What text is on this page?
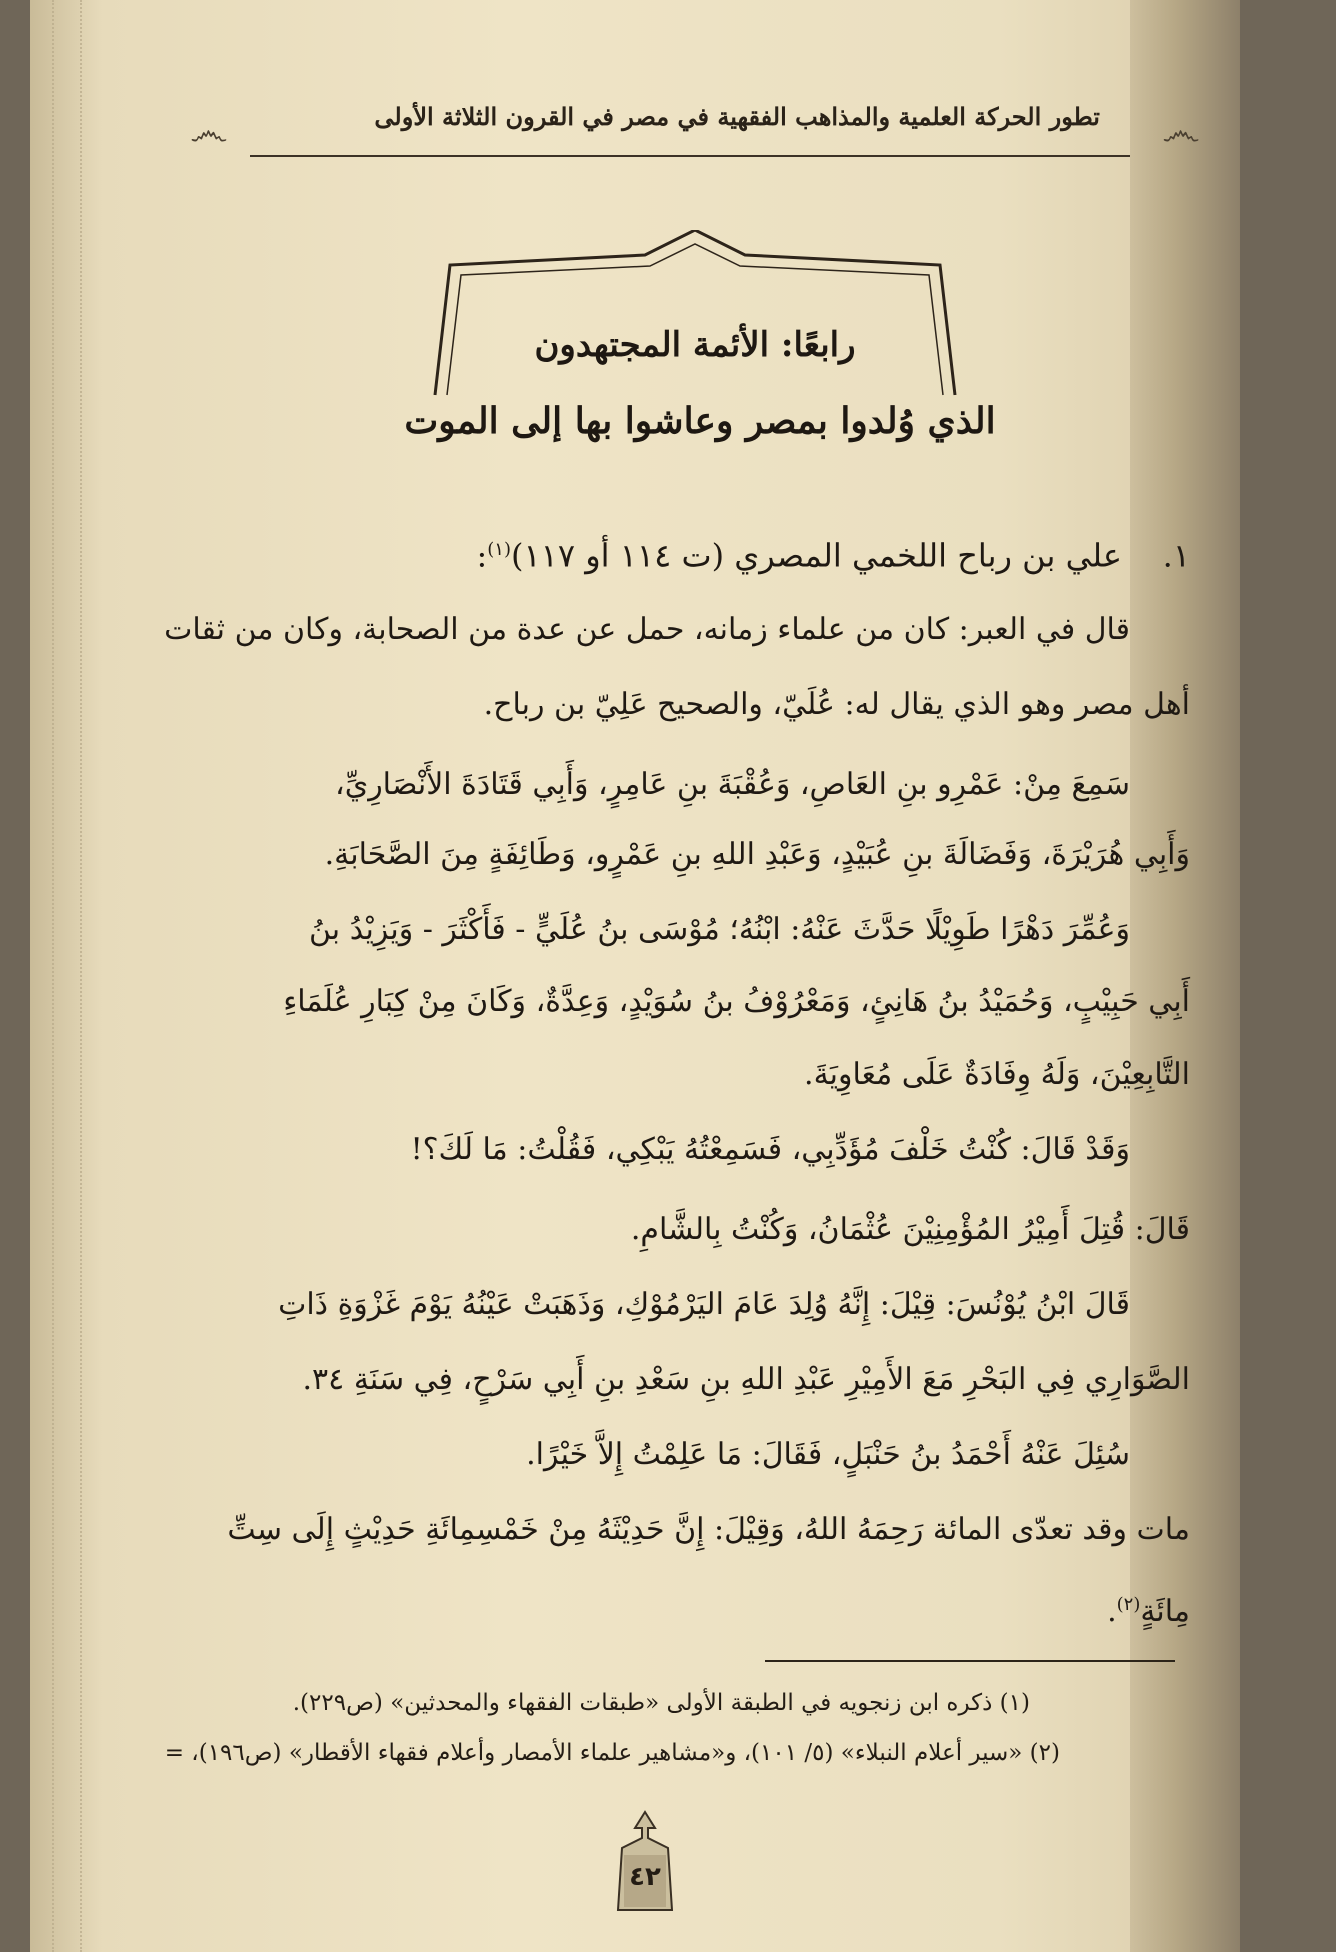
෴	෴
تطور الحركة العلمية والمذاهب الفقهية في مصر في القرون الثلاثة الأولى
رابعًا: الأئمة المجتهدون
الذي وُلدوا بمصر وعاشوا بها إلى الموت
١.    علي بن رباح اللخمي المصري (ت ١١٤ أو ١١٧)$^{(١)}$:
قال في العبر: كان من علماء زمانه، حمل عن عدة من الصحابة، وكان من ثقات
أهل مصر وهو الذي يقال له: عُلَيّ، والصحيح عَلِيّ بن رباح.
سَمِعَ مِنْ: عَمْرِو بنِ العَاصِ، وَعُقْبَةَ بنِ عَامِرٍ، وَأَبِي قَتَادَةَ الأَنْصَارِيِّ،
وَأَبِي هُرَيْرَةَ، وَفَضَالَةَ بنِ عُبَيْدٍ، وَعَبْدِ اللهِ بنِ عَمْرٍو، وَطَائِفَةٍ مِنَ الصَّحَابَةِ.
وَعُمِّرَ دَهْرًا طَوِيْلًا حَدَّثَ عَنْهُ: ابْنُهُ؛ مُوْسَى بنُ عُلَيٍّ - فَأَكْثَرَ - وَيَزِيْدُ بنُ
أَبِي حَبِيْبٍ، وَحُمَيْدُ بنُ هَانِئٍ، وَمَعْرُوْفُ بنُ سُوَيْدٍ، وَعِدَّةٌ، وَكَانَ مِنْ كِبَارِ عُلَمَاءِ
التَّابِعِيْنَ، وَلَهُ وِفَادَةٌ عَلَى مُعَاوِيَةَ.
وَقَدْ قَالَ: كُنْتُ خَلْفَ مُؤَدِّبِي، فَسَمِعْتُهُ يَبْكِي، فَقُلْتُ: مَا لَكَ؟!
قَالَ: قُتِلَ أَمِيْرُ المُؤْمِنِيْنَ عُثْمَانُ، وَكُنْتُ بِالشَّامِ.
قَالَ ابْنُ يُوْنُسَ: قِيْلَ: إِنَّهُ وُلِدَ عَامَ اليَرْمُوْكِ، وَذَهَبَتْ عَيْنُهُ يَوْمَ غَزْوَةِ ذَاتِ
الصَّوَارِي فِي البَحْرِ مَعَ الأَمِيْرِ عَبْدِ اللهِ بنِ سَعْدِ بنِ أَبِي سَرْحٍ، فِي سَنَةِ ٣٤.
سُئِلَ عَنْهُ أَحْمَدُ بنُ حَنْبَلٍ، فَقَالَ: مَا عَلِمْتُ إِلاَّ خَيْرًا.
مات وقد تعدّى المائة رَحِمَهُ اللهُ، وَقِيْلَ: إِنَّ حَدِيْثَهُ مِنْ خَمْسِمِائَةِ حَدِيْثٍ إِلَى سِتِّ
مِائَةٍ$^{(٢)}$.
(١) ذكره ابن زنجويه في الطبقة الأولى «طبقات الفقهاء والمحدثين» (ص٢٢٩).
(٢) «سير أعلام النبلاء» (٥/ ١٠١)، و«مشاهير علماء الأمصار وأعلام فقهاء الأقطار» (ص١٩٦)، =
٤٢
